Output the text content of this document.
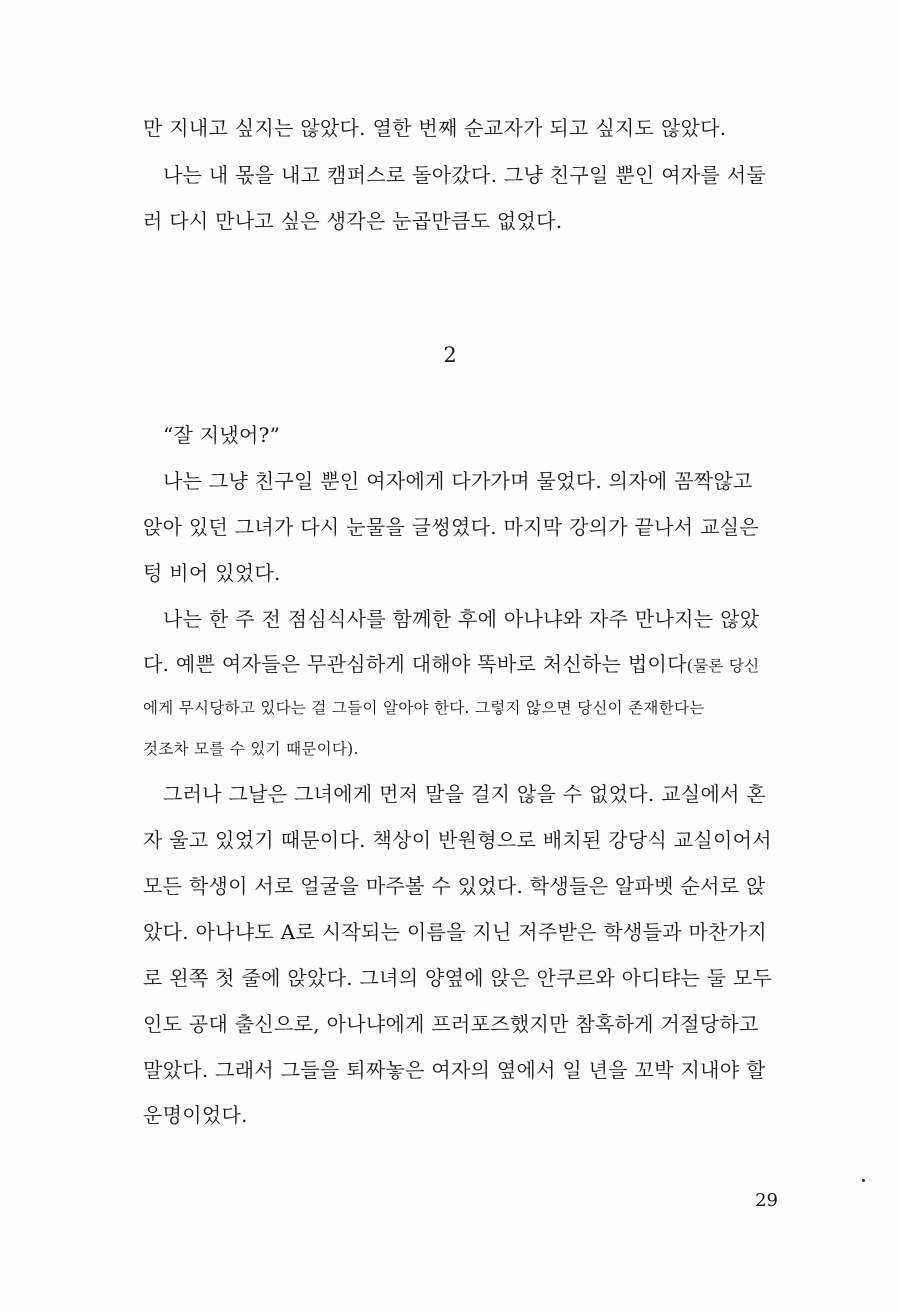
만 지내고 싶지는 않았다. 열한 번째 순교자가 되고 싶지도 않았다.
나는 내 몫을 내고 캠퍼스로 돌아갔다. 그냥 친구일 뿐인 여자를 서둘
러 다시 만나고 싶은 생각은 눈곱만큼도 없었다.
2
“잘 지냈어?”
나는 그냥 친구일 뿐인 여자에게 다가가며 물었다. 의자에 꼼짝않고
앉아 있던 그녀가 다시 눈물을 글썽였다. 마지막 강의가 끝나서 교실은
텅 비어 있었다.
나는 한 주 전 점심식사를 함께한 후에 아나냐와 자주 만나지는 않았
다. 예쁜 여자들은 무관심하게 대해야 똑바로 처신하는 법이다(물론 당신
에게 무시당하고 있다는 걸 그들이 알아야 한다. 그렇지 않으면 당신이 존재한다는
것조차 모를 수 있기 때문이다).
그러나 그날은 그녀에게 먼저 말을 걸지 않을 수 없었다. 교실에서 혼
자 울고 있었기 때문이다. 책상이 반원형으로 배치된 강당식 교실이어서
모든 학생이 서로 얼굴을 마주볼 수 있었다. 학생들은 알파벳 순서로 앉
았다. 아나냐도 A로 시작되는 이름을 지닌 저주받은 학생들과 마찬가지
로 왼쪽 첫 줄에 앉았다. 그녀의 양옆에 앉은 안쿠르와 아디탸는 둘 모두
인도 공대 출신으로, 아나냐에게 프러포즈했지만 참혹하게 거절당하고
말았다. 그래서 그들을 퇴짜놓은 여자의 옆에서 일 년을 꼬박 지내야 할
운명이었다.
29
